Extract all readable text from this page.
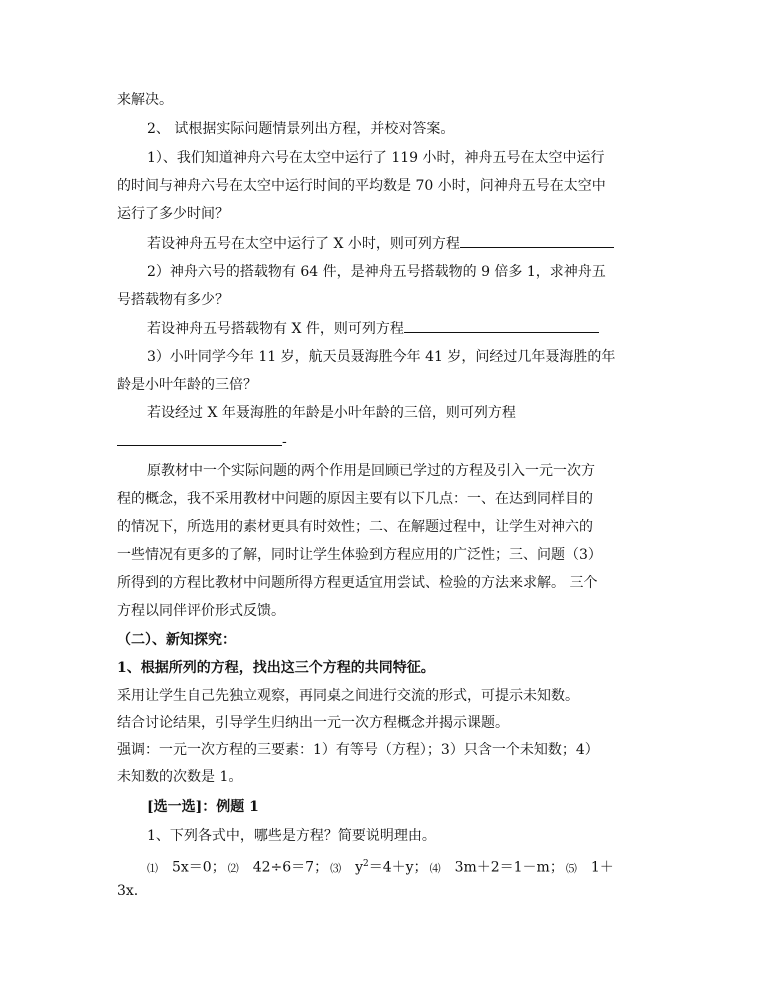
来解决。
2、 试根据实际问题情景列出方程，并校对答案。
1）、我们知道神舟六号在太空中运行了 119 小时，神舟五号在太空中运行
的时间与神舟六号在太空中运行时间的平均数是 70 小时，问神舟五号在太空中
运行了多少时间？
若设神舟五号在太空中运行了 X 小时，则可列方程
2）神舟六号的搭载物有 64 件，是神舟五号搭载物的 9 倍多 1，求神舟五
号搭载物有多少？
若设神舟五号搭载物有 X 件，则可列方程
3）小叶同学今年 11 岁，航天员聂海胜今年 41 岁，问经过几年聂海胜的年
龄是小叶年龄的三倍？
若设经过 X 年聂海胜的年龄是小叶年龄的三倍，则可列方程
-
原教材中一个实际问题的两个作用是回顾已学过的方程及引入一元一次方
程的概念，我不采用教材中问题的原因主要有以下几点：一、在达到同样目的
的情况下，所选用的素材更具有时效性；二、在解题过程中，让学生对神六的
一些情况有更多的了解，同时让学生体验到方程应用的广泛性；三、问题（3）
所得到的方程比教材中问题所得方程更适宜用尝试、检验的方法来求解。 三个
方程以同伴评价形式反馈。
（二）、新知探究：
1、根据所列的方程，找出这三个方程的共同特征。
采用让学生自己先独立观察，再同桌之间进行交流的形式，可提示未知数。
结合讨论结果，引导学生归纳出一元一次方程概念并揭示课题。
强调：一元一次方程的三要素：1）有等号（方程）；3）只含一个未知数；4）
未知数的次数是 1。
[选一选]：例题 1
1、下列各式中，哪些是方程？简要说明理由。
⑴ 5x＝0； ⑵ 42÷6＝7； ⑶ $y^2=4+y$； ⑷ 3m＋2＝1－m； ⑸ 1＋
3x.
